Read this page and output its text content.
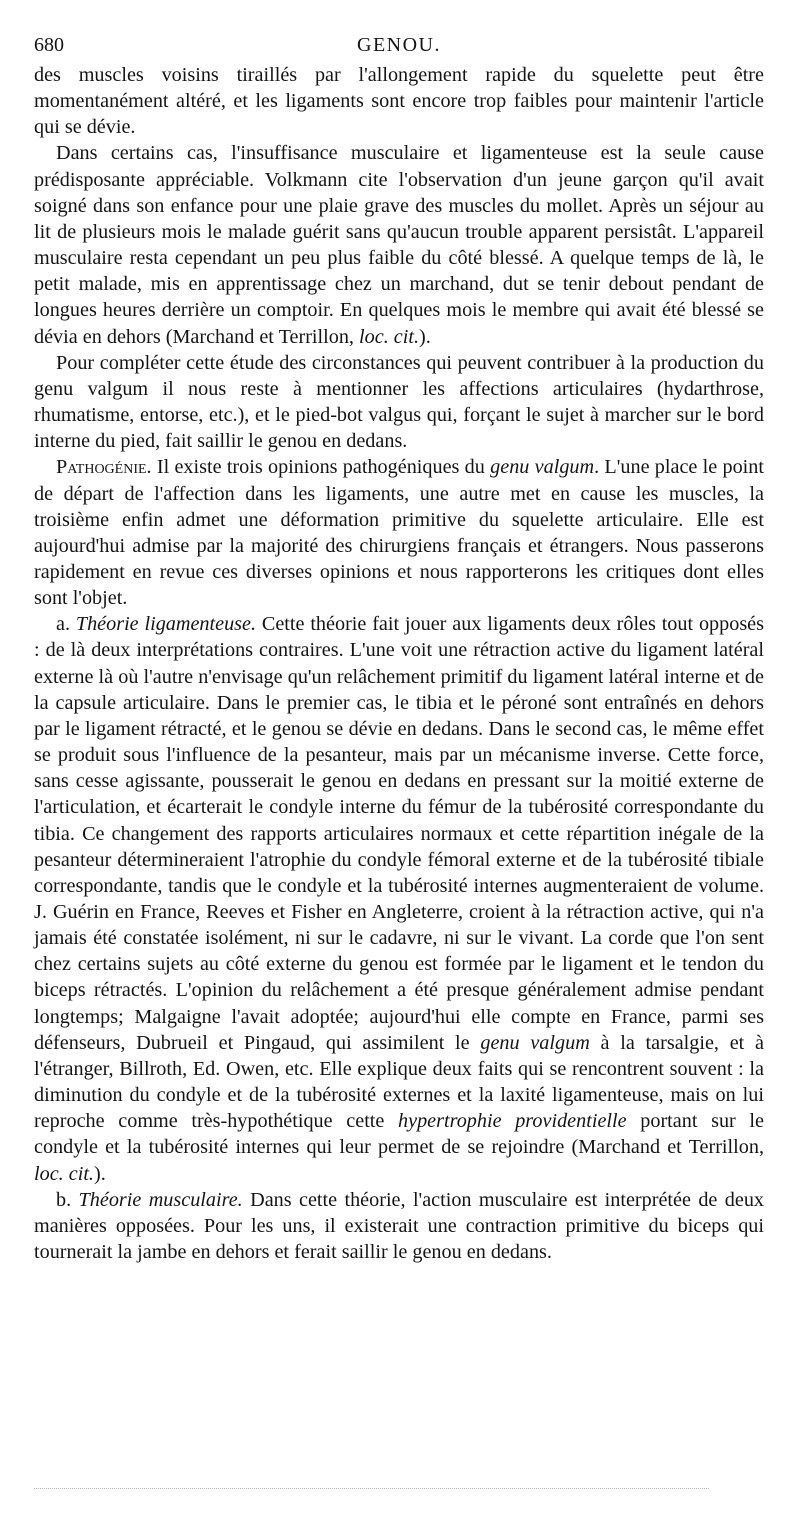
680	GENOU.

des muscles voisins tiraillés par l'allongement rapide du squelette peut être momentanément altéré, et les ligaments sont encore trop faibles pour maintenir l'article qui se dévie.

Dans certains cas, l'insuffisance musculaire et ligamenteuse est la seule cause prédisposante appréciable. Volkmann cite l'observation d'un jeune garçon qu'il avait soigné dans son enfance pour une plaie grave des muscles du mollet. Après un séjour au lit de plusieurs mois le malade guérit sans qu'aucun trouble apparent persistât. L'appareil musculaire resta cependant un peu plus faible du côté blessé. A quelque temps de là, le petit malade, mis en apprentissage chez un marchand, dut se tenir debout pendant de longues heures derrière un comptoir. En quelques mois le membre qui avait été blessé se dévia en dehors (Marchand et Terrillon, loc. cit.).

Pour compléter cette étude des circonstances qui peuvent contribuer à la production du genu valgum il nous reste à mentionner les affections articulaires (hydarthrose, rhumatisme, entorse, etc.), et le pied-bot valgus qui, forçant le sujet à marcher sur le bord interne du pied, fait saillir le genou en dedans.

Pathogénie. Il existe trois opinions pathogéniques du genu valgum. L'une place le point de départ de l'affection dans les ligaments, une autre met en cause les muscles, la troisième enfin admet une déformation primitive du squelette articulaire. Elle est aujourd'hui admise par la majorité des chirurgiens français et étrangers. Nous passerons rapidement en revue ces diverses opinions et nous rapporterons les critiques dont elles sont l'objet.

a. Théorie ligamenteuse. Cette théorie fait jouer aux ligaments deux rôles tout opposés : de là deux interprétations contraires. L'une voit une rétraction active du ligament latéral externe là où l'autre n'envisage qu'un relâchement primitif du ligament latéral interne et de la capsule articulaire. Dans le premier cas, le tibia et le péroné sont entraînés en dehors par le ligament rétracté, et le genou se dévie en dedans. Dans le second cas, le même effet se produit sous l'influence de la pesanteur, mais par un mécanisme inverse. Cette force, sans cesse agissante, pousserait le genou en dedans en pressant sur la moitié externe de l'articulation, et écarterait le condyle interne du fémur de la tubérosité correspondante du tibia. Ce changement des rapports articulaires normaux et cette répartition inégale de la pesanteur détermineraient l'atrophie du condyle fémoral externe et de la tubérosité tibiale correspondante, tandis que le condyle et la tubérosité internes augmenteraient de volume. J. Guérin en France, Reeves et Fisher en Angleterre, croient à la rétraction active, qui n'a jamais été constatée isolément, ni sur le cadavre, ni sur le vivant. La corde que l'on sent chez certains sujets au côté externe du genou est formée par le ligament et le tendon du biceps rétractés. L'opinion du relâchement a été presque généralement admise pendant longtemps; Malgaigne l'avait adoptée; aujourd'hui elle compte en France, parmi ses défenseurs, Dubrueil et Pingaud, qui assimilent le genu valgum à la tarsalgie, et à l'étranger, Billroth, Ed. Owen, etc. Elle explique deux faits qui se rencontrent souvent : la diminution du condyle et de la tubérosité externes et la laxité ligamenteuse, mais on lui reproche comme très-hypothétique cette hypertrophie providentielle portant sur le condyle et la tubérosité internes qui leur permet de se rejoindre (Marchand et Terrillon, loc. cit.).

b. Théorie musculaire. Dans cette théorie, l'action musculaire est interprétée de deux manières opposées. Pour les uns, il existerait une contraction primitive du biceps qui tournerait la jambe en dehors et ferait saillir le genou en dedans.
